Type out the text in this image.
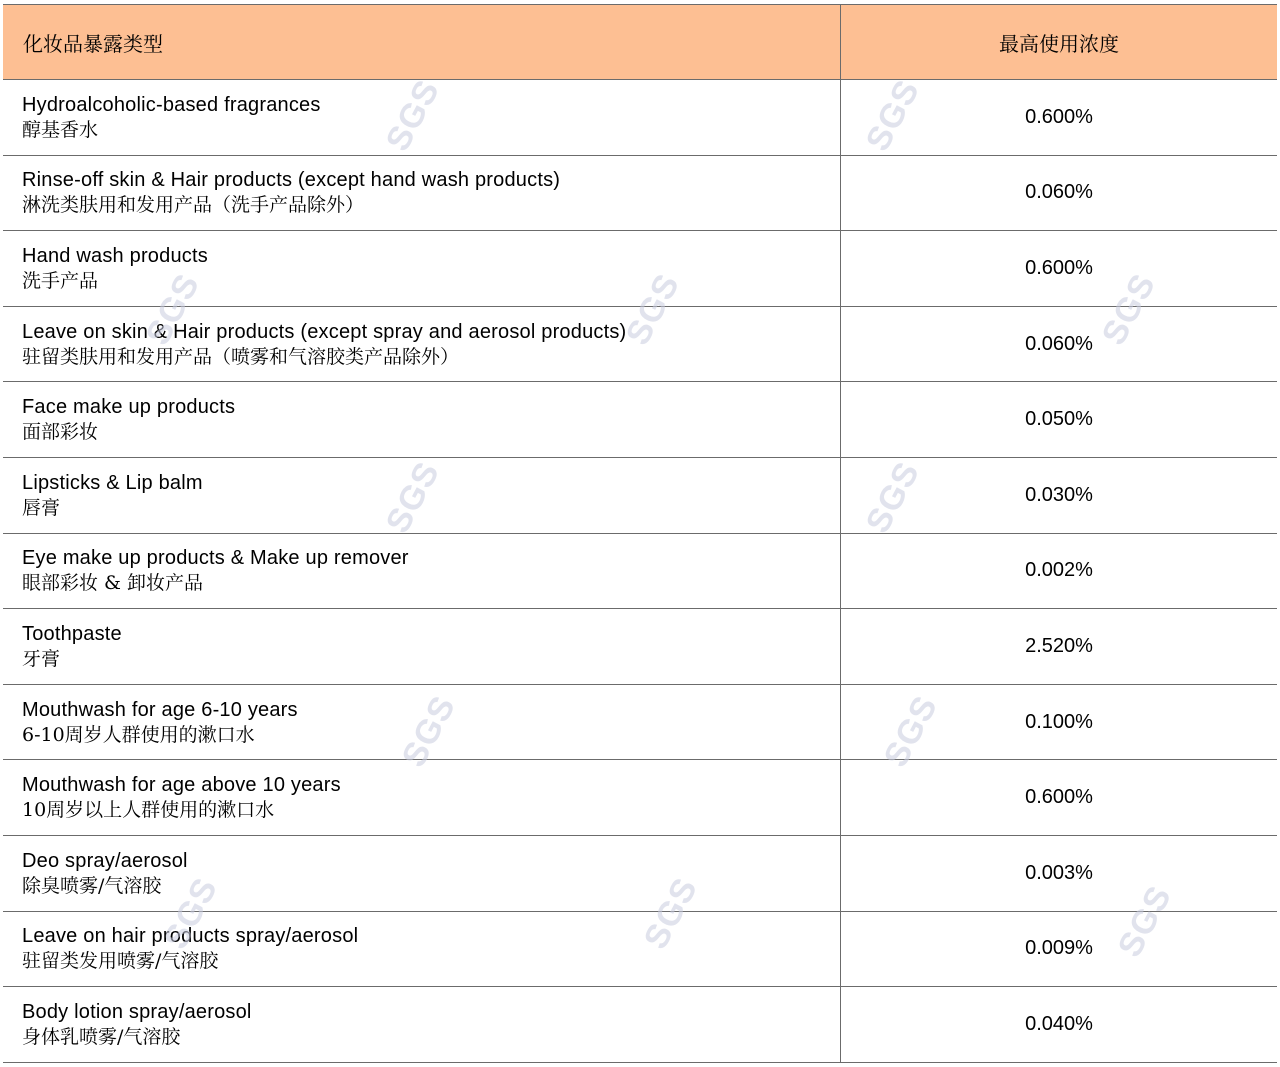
化妆品暴露类型	最高使用浓度
Hydroalcoholic-based fragrances
醇基香水
0.600%
Rinse-off skin & Hair products (except hand wash products)
淋洗类肤用和发用产品（洗手产品除外）
0.060%
Hand wash products
洗手产品
0.600%
Leave on skin & Hair products (except spray and aerosol products)
驻留类肤用和发用产品（喷雾和气溶胶类产品除外）
0.060%
Face make up products
面部彩妆
0.050%
Lipsticks & Lip balm
唇膏
0.030%
Eye make up products & Make up remover
眼部彩妆 & 卸妆产品
0.002%
Toothpaste
牙膏
2.520%
Mouthwash for age 6-10 years
6-10周岁人群使用的漱口水
0.100%
Mouthwash for age above 10 years
10周岁以上人群使用的漱口水
0.600%
Deo spray/aerosol
除臭喷雾/气溶胶
0.003%
Leave on hair products spray/aerosol
驻留类发用喷雾/气溶胶
0.009%
Body lotion spray/aerosol
身体乳喷雾/气溶胶
0.040%
SGS	SGS
SGS	SGS	SGS
SGS	SGS
SGS	SGS
SGS	SGS	SGS
